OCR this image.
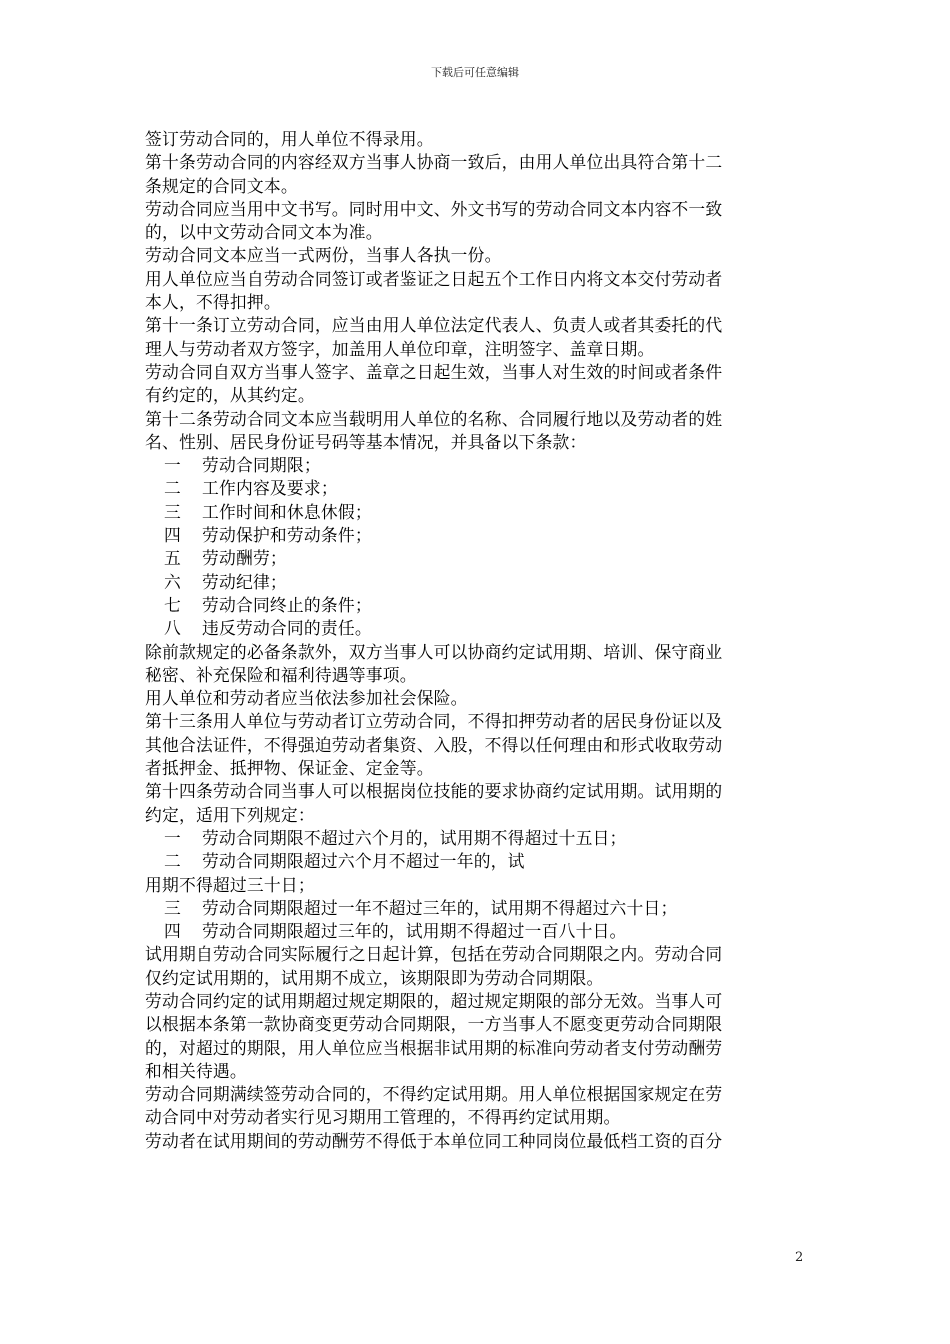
下载后可任意编辑
签订劳动合同的，用人单位不得录用。
第十条劳动合同的内容经双方当事人协商一致后，由用人单位出具符合第十二
条规定的合同文本。
劳动合同应当用中文书写。同时用中文、外文书写的劳动合同文本内容不一致
的，以中文劳动合同文本为准。
劳动合同文本应当一式两份，当事人各执一份。
用人单位应当自劳动合同签订或者鉴证之日起五个工作日内将文本交付劳动者
本人，不得扣押。
第十一条订立劳动合同，应当由用人单位法定代表人、负责人或者其委托的代
理人与劳动者双方签字，加盖用人单位印章，注明签字、盖章日期。
劳动合同自双方当事人签字、盖章之日起生效，当事人对生效的时间或者条件
有约定的，从其约定。
第十二条劳动合同文本应当载明用人单位的名称、合同履行地以及劳动者的姓
名、性别、居民身份证号码等基本情况，并具备以下条款：
一 劳动合同期限；
二 工作内容及要求；
三 工作时间和休息休假；
四 劳动保护和劳动条件；
五 劳动酬劳；
六 劳动纪律；
七 劳动合同终止的条件；
八 违反劳动合同的责任。
除前款规定的必备条款外，双方当事人可以协商约定试用期、培训、保守商业
秘密、补充保险和福利待遇等事项。
用人单位和劳动者应当依法参加社会保险。
第十三条用人单位与劳动者订立劳动合同，不得扣押劳动者的居民身份证以及
其他合法证件，不得强迫劳动者集资、入股，不得以任何理由和形式收取劳动
者抵押金、抵押物、保证金、定金等。
第十四条劳动合同当事人可以根据岗位技能的要求协商约定试用期。试用期的
约定，适用下列规定：
一 劳动合同期限不超过六个月的，试用期不得超过十五日；
二 劳动合同期限超过六个月不超过一年的，试
用期不得超过三十日；
三 劳动合同期限超过一年不超过三年的，试用期不得超过六十日；
四 劳动合同期限超过三年的，试用期不得超过一百八十日。
试用期自劳动合同实际履行之日起计算，包括在劳动合同期限之内。劳动合同
仅约定试用期的，试用期不成立，该期限即为劳动合同期限。
劳动合同约定的试用期超过规定期限的，超过规定期限的部分无效。当事人可
以根据本条第一款协商变更劳动合同期限，一方当事人不愿变更劳动合同期限
的，对超过的期限，用人单位应当根据非试用期的标准向劳动者支付劳动酬劳
和相关待遇。
劳动合同期满续签劳动合同的，不得约定试用期。用人单位根据国家规定在劳
动合同中对劳动者实行见习期用工管理的，不得再约定试用期。
劳动者在试用期间的劳动酬劳不得低于本单位同工种同岗位最低档工资的百分
2
